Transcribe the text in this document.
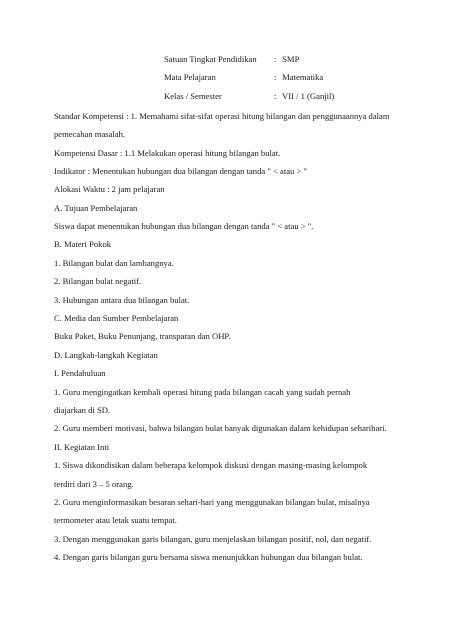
Satuan Tingkat Pendidikan : SMP
Mata Pelajaran	: Matematika
Kelas / Semester	: VII / 1 (Ganjil)
Standar Kompetensi : 1. Memahami sifat-sifat operasi hitung bilangan dan penggunaannya dalam
pemecahan masalah.
Kompetensi Dasar : 1.1 Melakukan operasi hitung bilangan bulat.
Indikator : Menentukan hubungan dua bilangan dengan tanda " < atau > "
Alokasi Waktu : 2 jam pelajaran
A. Tujuan Pembelajaran
Siswa dapat menentukan hubungan dua bilangan dengan tanda " < atau > ".
B. Materi Pokok
1. Bilangan bulat dan lambangnya.
2. Bilangan bulat negatif.
3. Hubungan antara dua bilangan bulat.
C. Media dan Sumber Pembelajaran
Buku Paket, Buku Penunjang, transparan dan OHP.
D. Langkah-langkah Kegiatan
I. Pendahuluan
1. Guru mengingatkan kembali operasi hitung pada bilangan cacah yang sudah pernah
diajarkan di SD.
2. Guru memberi motivasi, bahwa bilangan bulat banyak digunakan dalam kehidupan seharihari.
II. Kegiatan Inti
1. Siswa dikondisikan dalam beberapa kelompok diskusi dengan masing-masing kelompok
terdiri dari 3 – 5 orang.
2. Guru menginformasikan besaran sehari-hari yang menggunakan bilangan bulat, misalnya
termometer atau letak suatu tempat.
3. Dengan menggunakan garis bilangan, guru menjelaskan bilangan positif, nol, dan negatif.
4. Dengan garis bilangan guru bersama siswa menunjukkan hubungan dua bilangan bulat.
